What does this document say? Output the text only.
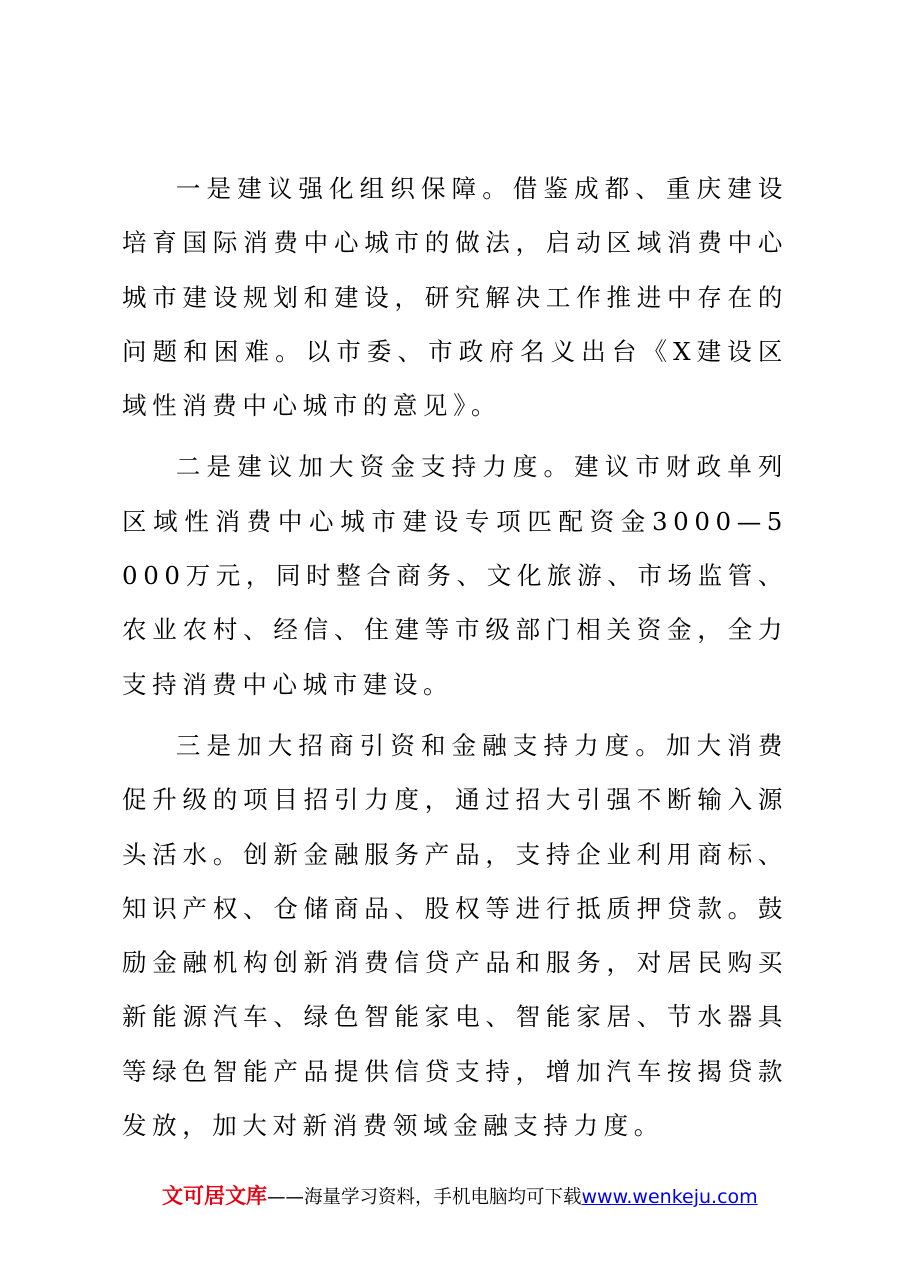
一是建议强化组织保障。借鉴成都、重庆建设培育国际消费中心城市的做法，启动区域消费中心城市建设规划和建设，研究解决工作推进中存在的问题和困难。以市委、市政府名义出台《X建设区域性消费中心城市的意见》。

二是建议加大资金支持力度。建议市财政单列区域性消费中心城市建设专项匹配资金3000—5000万元，同时整合商务、文化旅游、市场监管、农业农村、经信、住建等市级部门相关资金，全力支持消费中心城市建设。

三是加大招商引资和金融支持力度。加大消费促升级的项目招引力度，通过招大引强不断输入源头活水。创新金融服务产品，支持企业利用商标、知识产权、仓储商品、股权等进行抵质押贷款。鼓励金融机构创新消费信贷产品和服务，对居民购买新能源汽车、绿色智能家电、智能家居、节水器具等绿色智能产品提供信贷支持，增加汽车按揭贷款发放，加大对新消费领域金融支持力度。

文可居文库——海量学习资料，手机电脑均可下载www.wenkeju.com
